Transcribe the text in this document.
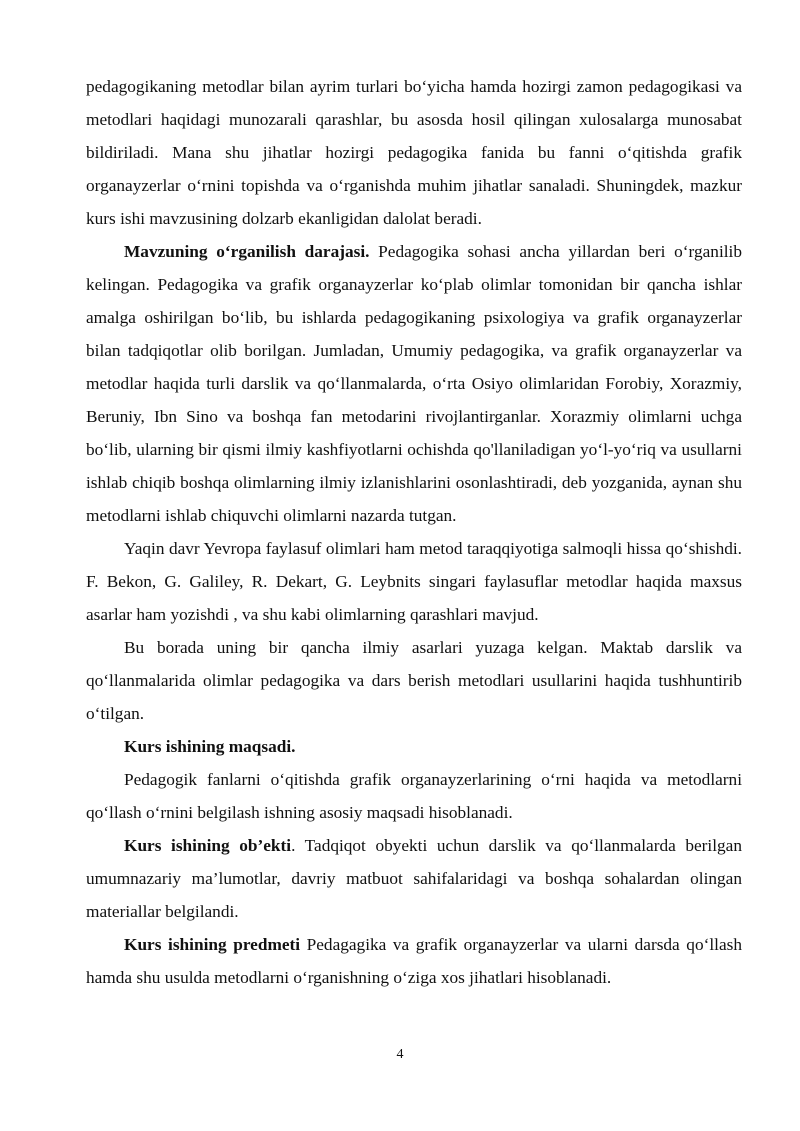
pedagogikaning metodlar bilan ayrim turlari bo‘yicha hamda hozirgi zamon pedagogikasi va metodlari haqidagi munozarali qarashlar, bu asosda hosil qilingan xulosalarga munosabat bildiriladi. Mana shu jihatlar hozirgi pedagogika fanida bu fanni o‘qitishda grafik organayzerlar o‘rnini topishda va o‘rganishda muhim jihatlar sanaladi. Shuningdek, mazkur kurs ishi mavzusining dolzarb ekanligidan dalolat beradi.

Mavzuning o‘rganilish darajasi. Pedagogika sohasi ancha yillardan beri o‘rganilib kelingan. Pedagogika va grafik organayzerlar ko‘plab olimlar tomonidan bir qancha ishlar amalga oshirilgan bo‘lib, bu ishlarda pedagogikaning psixologiya va grafik organayzerlar bilan tadqiqotlar olib borilgan. Jumladan, Umumiy pedagogika, va grafik organayzerlar va metodlar haqida turli darslik va qo‘llanmalarda, o‘rta Osiyo olimlaridan Forobiy, Xorazmiy, Beruniy, Ibn Sino va boshqa fan metodarini rivojlantirganlar. Xorazmiy olimlarni uchga bo‘lib, ularning bir qismi ilmiy kashfiyotlarni ochishda qo'llaniladigan yo‘l-yo‘riq va usullarni ishlab chiqib boshqa olimlarning ilmiy izlanishlarini osonlashtiradi, deb yozganida, aynan shu metodlarni ishlab chiquvchi olimlarni nazarda tutgan.

Yaqin davr Yevropa faylasuf olimlari ham metod taraqqiyotiga salmoqli hissa qo‘shishdi. F. Bekon, G. Galiley, R. Dekart, G. Leybnits singari faylasuflar metodlar haqida maxsus asarlar ham yozishdi , va shu kabi olimlarning qarashlari mavjud.

Bu borada uning bir qancha ilmiy asarlari yuzaga kelgan. Maktab darslik va qo‘llanmalarida olimlar pedagogika va dars berish metodlari usullarini haqida tushhuntirib o‘tilgan.

Kurs ishining maqsadi.

Pedagogik fanlarni o‘qitishda grafik organayzerlarining o‘rni haqida va metodlarni qo‘llash o‘rnini belgilash ishning asosiy maqsadi hisoblanadi.

Kurs ishining ob’ekti. Tadqiqot obyekti uchun darslik va qo‘llanmalarda berilgan umumnazariy ma’lumotlar, davriy matbuot sahifalaridagi va boshqa sohalardan olingan materiallar belgilandi.

Kurs ishining predmeti Pedagagika va grafik organayzerlar va ularni darsda qo‘llash hamda shu usulda metodlarni o‘rganishning o‘ziga xos jihatlari hisoblanadi.

4
